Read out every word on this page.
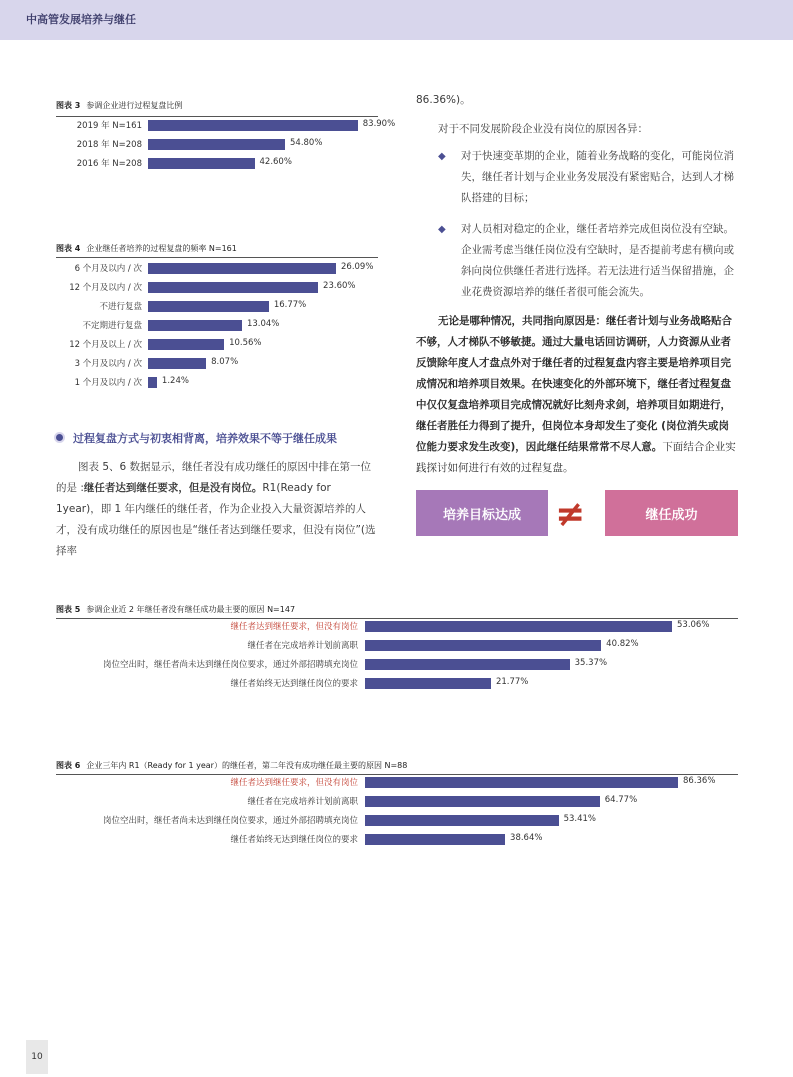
中高管发展培养与继任
图表 3 参调企业进行过程复盘比例
2019 年 N=161	83.90%
2018 年 N=208	54.80%
2016 年 N=208	42.60%
图表 4 企业继任者培养的过程复盘的频率 N=161
6 个月及以内 / 次	26.09%
12 个月及以内 / 次	23.60%
不进行复盘	16.77%
不定期进行复盘	13.04%
12 个月及以上 / 次	10.56%
3 个月及以内 / 次	8.07%
1 个月及以内 / 次 1.24%
过程复盘方式与初衷相背离，培养效果不等于继任成果

图表 5、6 数据显示，继任者没有成功继任的原因中排在第一位的是 :继任者达到继任要求，但是没有岗位。R1(Ready for 1year)，即 1 年内继任的继任者，作为企业投入大量资源培养的人才，没有成功继任的原因也是“继任者达到继任要求，但没有岗位”(选择率

86.36%)。

对于不同发展阶段企业没有岗位的原因各异：

◆ 对于快速变革期的企业，随着业务战略的变化，可能岗位消失，继任者计划与企业业务发展没有紧密贴合，达到人才梯队搭建的目标；
◆ 对人员相对稳定的企业，继任者培养完成但岗位没有空缺。企业需考虑当继任岗位没有空缺时，是否提前考虑有横向或斜向岗位供继任者进行选择。若无法进行适当保留措施，企业花费资源培养的继任者很可能会流失。

无论是哪种情况，共同指向原因是：继任者计划与业务战略贴合不够，人才梯队不够敏捷。通过大量电话回访调研，人力资源从业者反馈除年度人才盘点外对于继任者的过程复盘内容主要是培养项目完成情况和培养项目效果。在快速变化的外部环境下，继任者过程复盘中仅仅复盘培养项目完成情况就好比刻舟求剑，培养项目如期进行，继任者胜任力得到了提升，但岗位本身却发生了变化 (岗位消失或岗位能力要求发生改变)，因此继任结果常常不尽人意。下面结合企业实践探讨如何进行有效的过程复盘。

培养目标达成 ≠	继任成功
图表 5 参调企业近 2 年继任者没有继任成功最主要的原因 N=147
继任者达到继任要求，但没有岗位	53.06%
继任者在完成培养计划前离职	40.82%
岗位空出时，继任者尚未达到继任岗位要求，通过外部招聘填充岗位	35.37%
继任者始终无达到继任岗位的要求	21.77%
图表 6 企业三年内 R1（Ready for 1 year）的继任者，第二年没有成功继任最主要的原因 N=88
继任者达到继任要求，但没有岗位	86.36%
继任者在完成培养计划前离职	64.77%
岗位空出时，继任者尚未达到继任岗位要求，通过外部招聘填充岗位	53.41%
继任者始终无达到继任岗位的要求	38.64%
10
